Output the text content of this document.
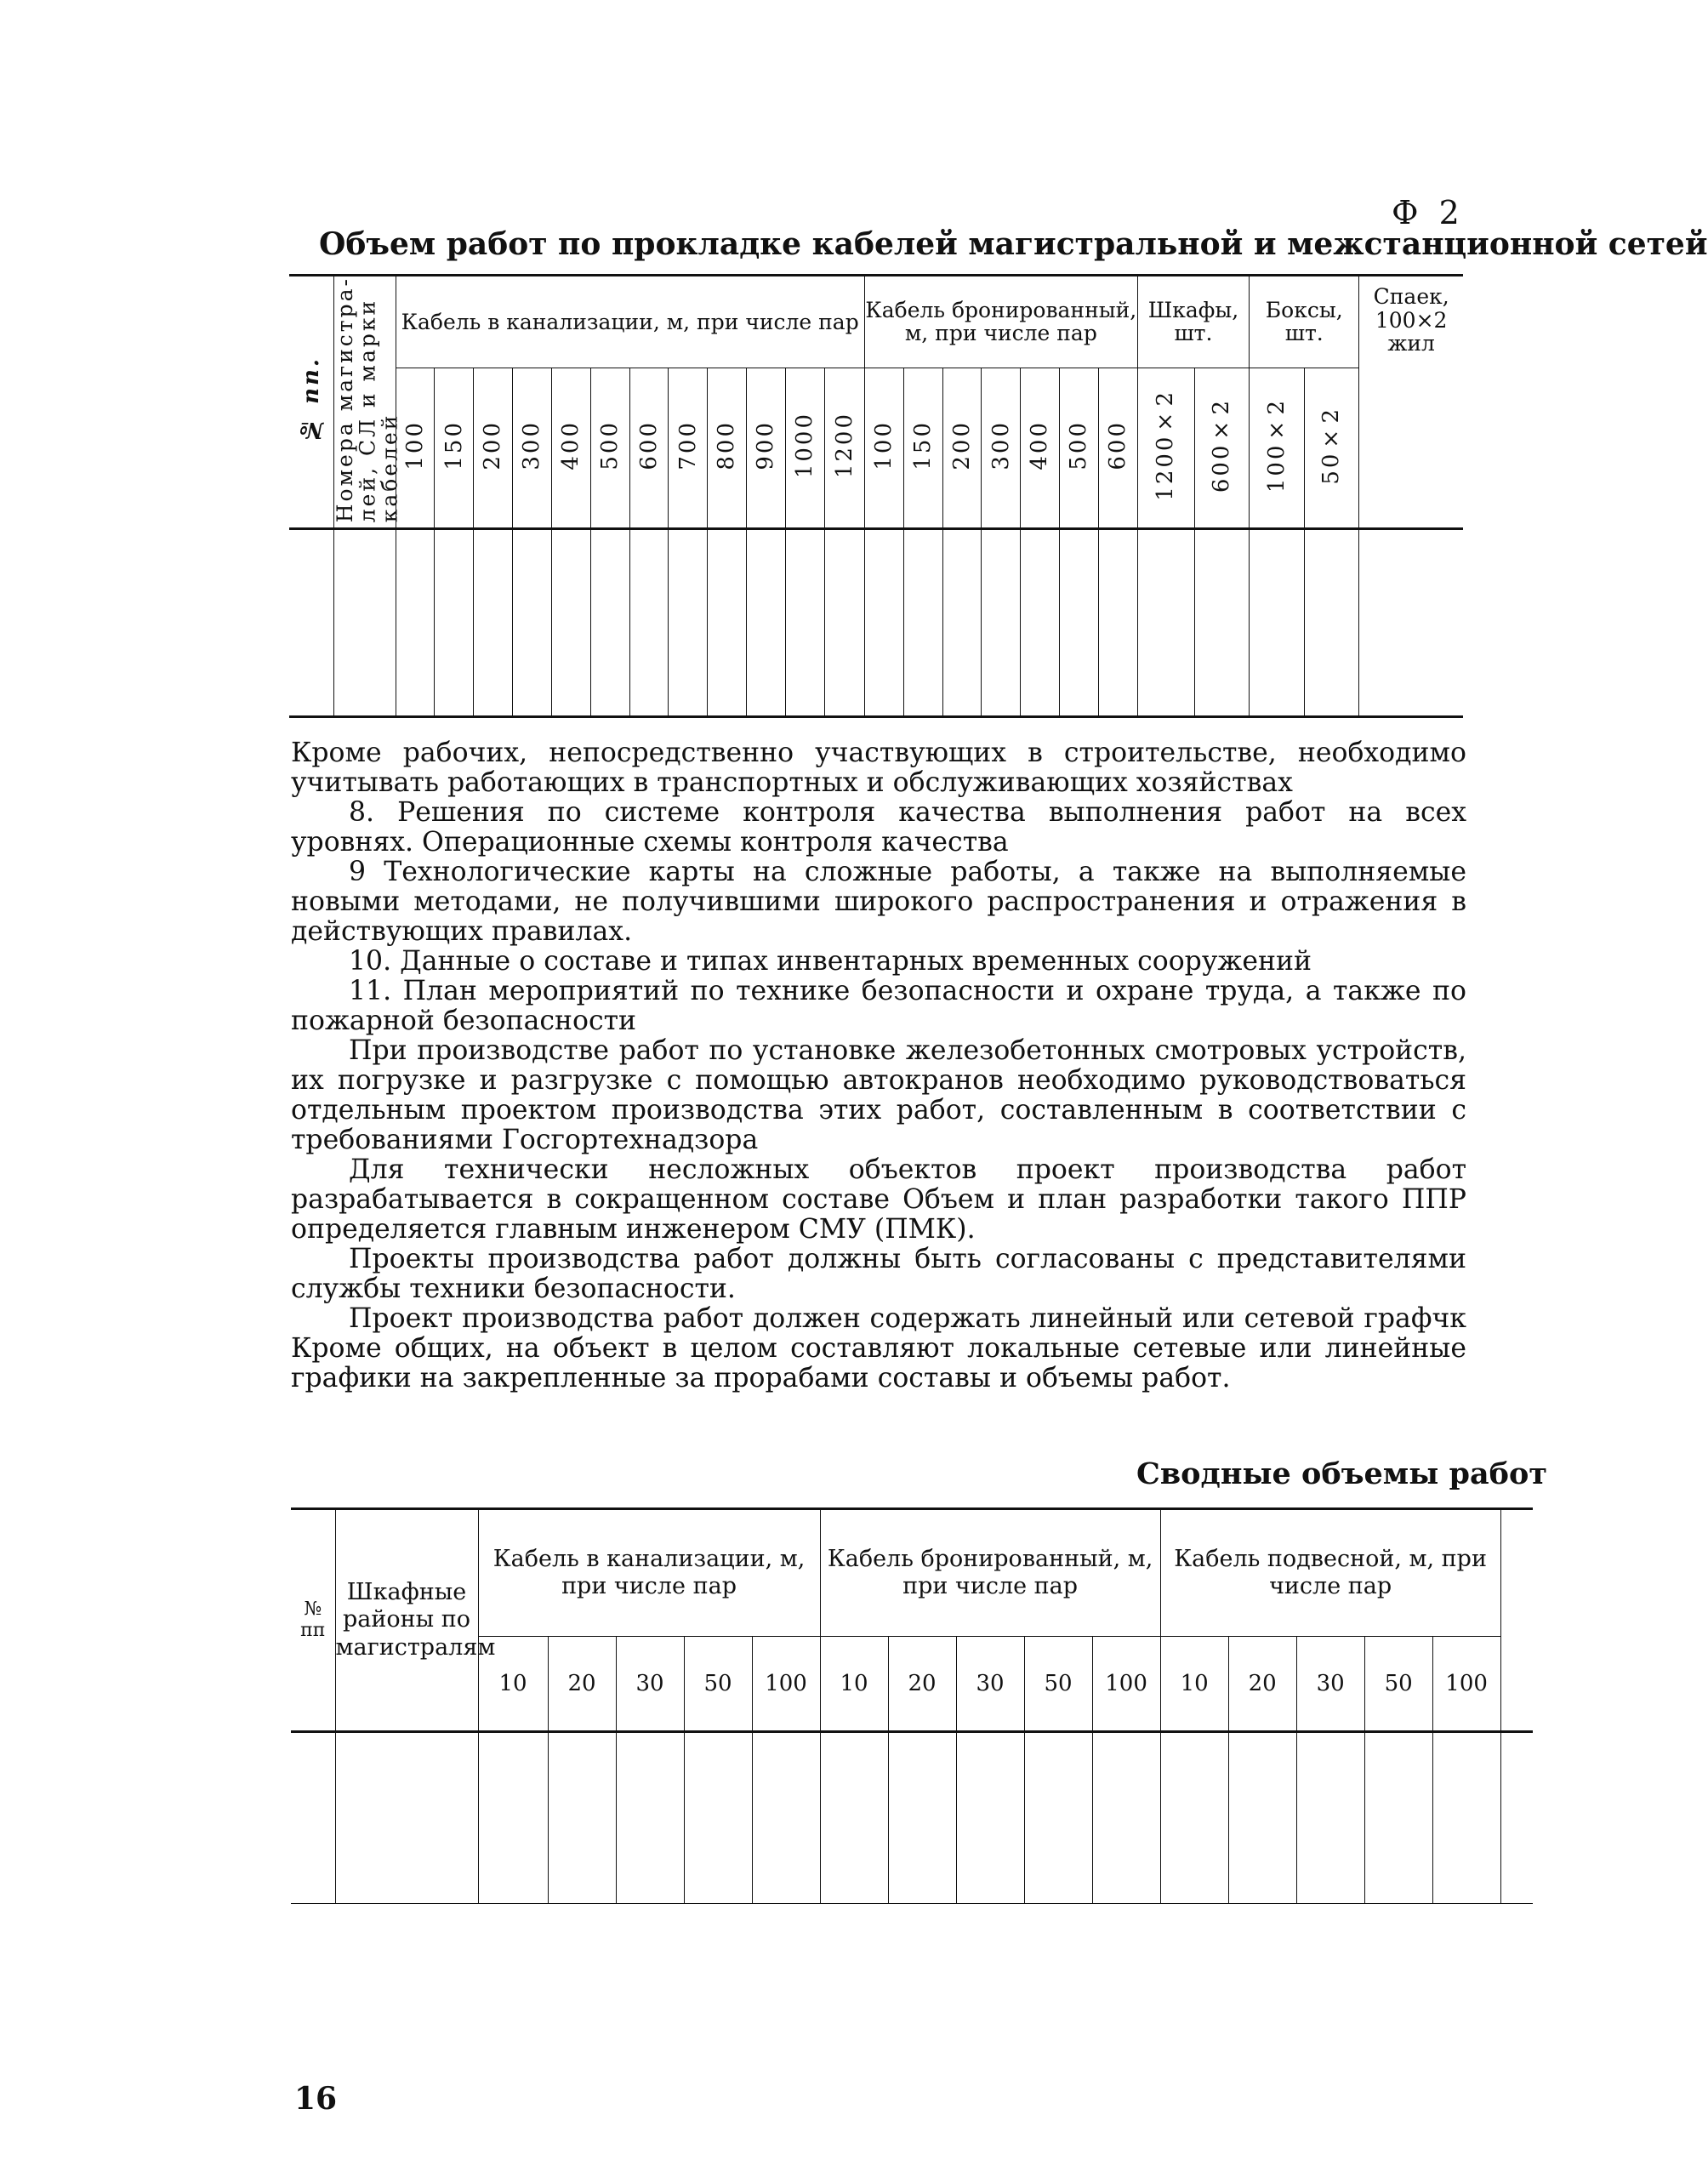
Ф 2
Объем работ по прокладке кабелей магистральной и межстанционной сетей
№ пп.	Номера магистра-
лей, СЛ и марки
кабелей	Кабель в канализации, м, при числе пар												Кабель бронированный, м, при числе пар							Шкафы, шт.		Боксы, шт.		Спаек, 100×2 жил
		100	150	200	300	400	500	600	700	800	900	1000	1200	100	150	200	300	400	500	600	1200×2	600×2	100×2	50×2	

Кроме рабочих, непосредственно участвующих в строительстве, необходимо учитывать работающих в транспортных и обслуживающих хозяйствах

8. Решения по системе контроля качества выполнения работ на всех уровнях. Операционные схемы контроля качества

9 Технологические карты на сложные работы, а также на выполняемые новыми методами, не получившими широкого распространения и отражения в действующих правилах.

10. Данные о составе и типах инвентарных временных сооружений

11. План мероприятий по технике безопасности и охране труда, а также по пожарной безопасности

При производстве работ по установке железобетонных смотровых устройств, их погрузке и разгрузке с помощью автокранов необходимо руководствоваться отдельным проектом производства этих работ, составленным в соответствии с требованиями Госгортехнадзора

Для технически несложных объектов проект производства работ разрабатывается в сокращенном составе Объем и план разработки такого ППР определяется главным инженером СМУ (ПМК).

Проекты производства работ должны быть согласованы с представителями службы техники безопасности.

Проект производства работ должен содержать линейный или сетевой графчк Кроме общих, на объект в целом составляют локальные сетевые или линейные графики на закрепленные за прорабами составы и объемы работ.

Сводные объемы работ
№ пп	Шкафные районы по магистралям	Кабель в канализации, м, при числе пар					Кабель бронированный, м, при числе пар					Кабель подвесной, м, при числе пар					
		10	20	30	50	100	10	20	30	50	100	10	20	30	50	100	

16
